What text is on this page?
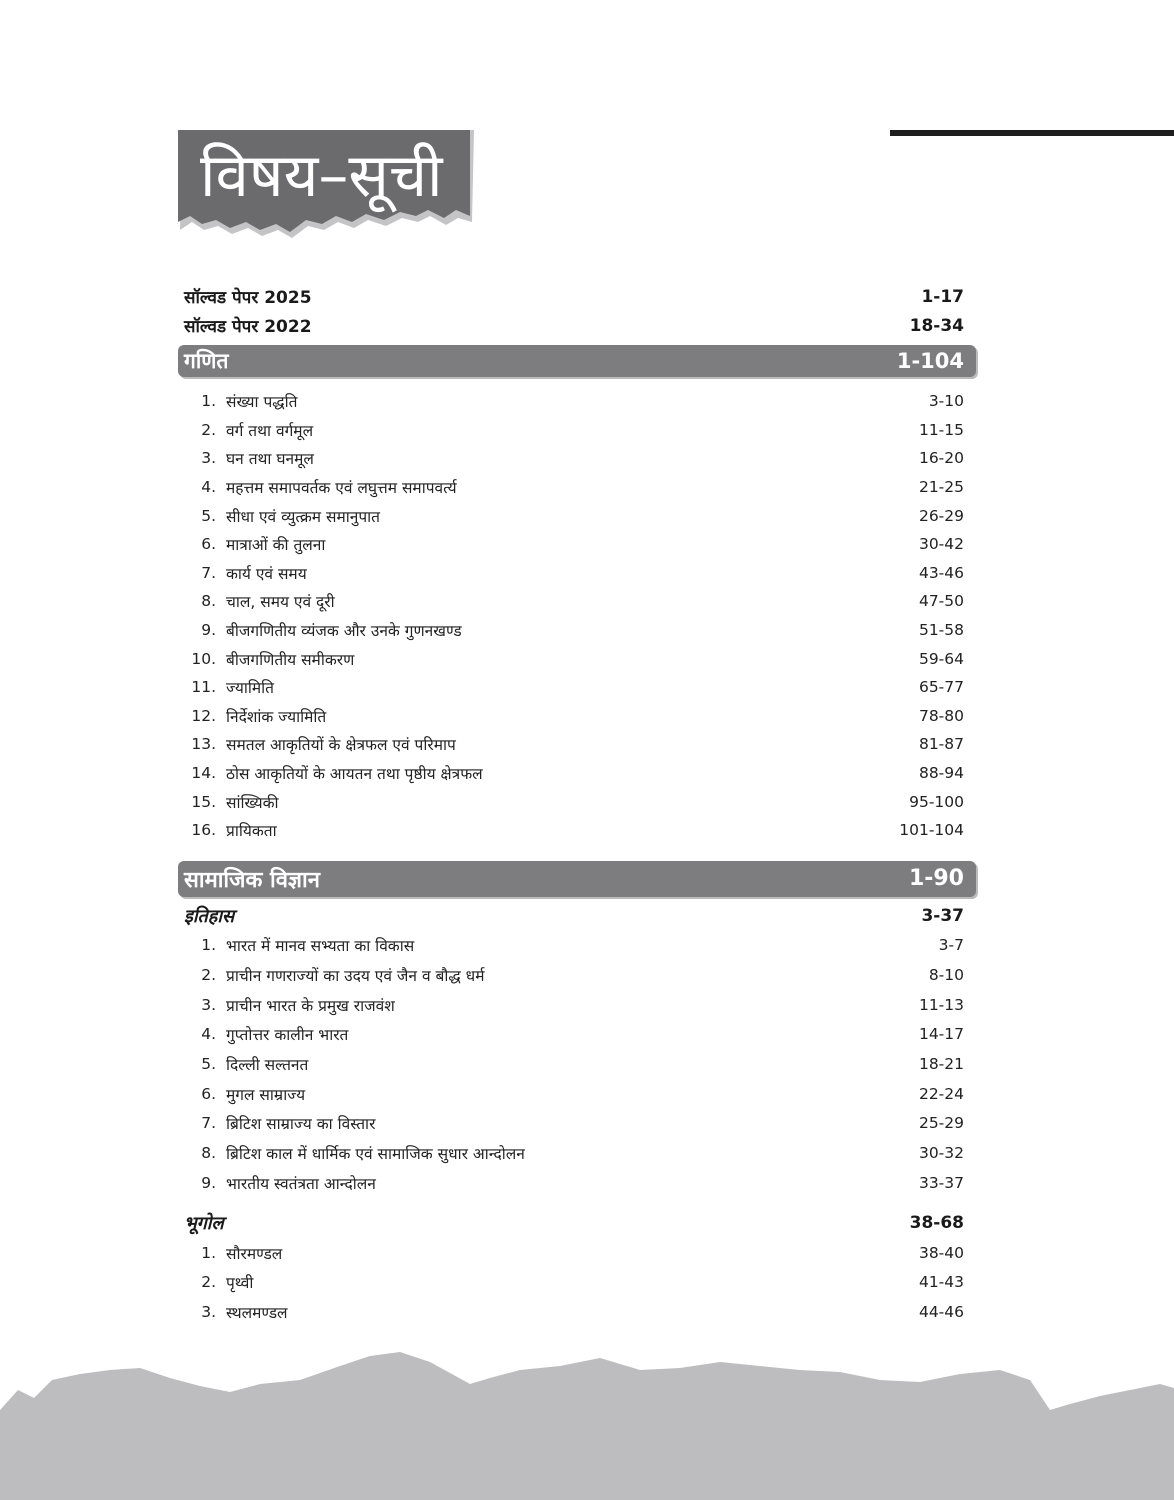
विषय–सूची
सॉल्वड पेपर 2025	1-17
सॉल्वड पेपर 2022	18-34
गणित	1-104
1. संख्या पद्धति	3-10
2. वर्ग तथा वर्गमूल	11-15
3. घन तथा घनमूल	16-20
4. महत्तम समापवर्तक एवं लघुत्तम समापवर्त्य	21-25
5. सीधा एवं व्युत्क्रम समानुपात	26-29
6. मात्राओं की तुलना	30-42
7. कार्य एवं समय	43-46
8. चाल, समय एवं दूरी	47-50
9. बीजगणितीय व्यंजक और उनके गुणनखण्ड	51-58
10. बीजगणितीय समीकरण	59-64
11. ज्यामिति	65-77
12. निर्देशांक ज्यामिति	78-80
13. समतल आकृतियों के क्षेत्रफल एवं परिमाप	81-87
14. ठोस आकृतियों के आयतन तथा पृष्ठीय क्षेत्रफल	88-94
15. सांख्यिकी	95-100
16. प्रायिकता	101-104
सामाजिक विज्ञान	1-90
इतिहास	3-37
1. भारत में मानव सभ्यता का विकास	3-7
2. प्राचीन गणराज्यों का उदय एवं जैन व बौद्ध धर्म	8-10
3. प्राचीन भारत के प्रमुख राजवंश	11-13
4. गुप्तोत्तर कालीन भारत	14-17
5. दिल्ली सल्तनत	18-21
6. मुगल साम्राज्य	22-24
7. ब्रिटिश साम्राज्य का विस्तार	25-29
8. ब्रिटिश काल में धार्मिक एवं सामाजिक सुधार आन्दोलन	30-32
9. भारतीय स्वतंत्रता आन्दोलन	33-37
भूगोल	38-68
1. सौरमण्डल	38-40
2. पृथ्वी	41-43
3. स्थलमण्डल	44-46
